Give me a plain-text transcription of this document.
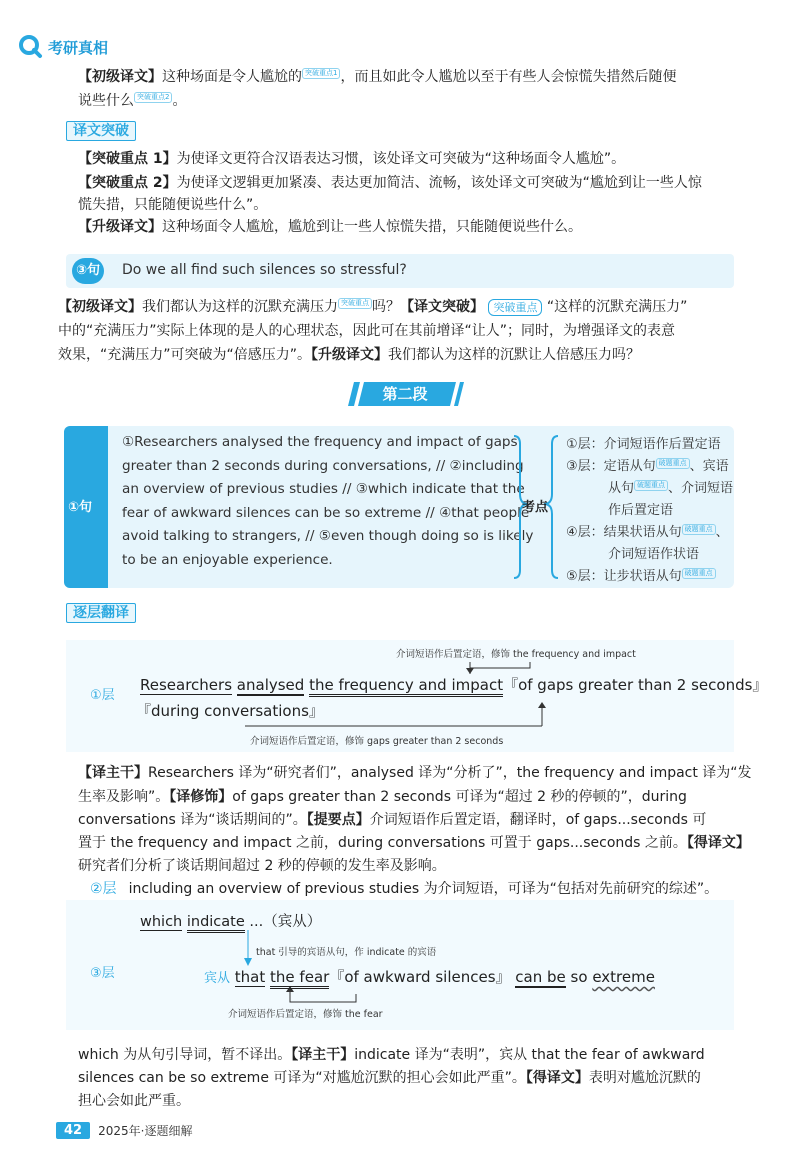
考研真相
【初级译文】这种场面是令人尴尬的 突破重点1 ，而且如此令人尴尬以至于有些人会惊慌失措然后随便
说些什么 突破重点2 。
译文突破
【突破重点 1】为使译文更符合汉语表达习惯，该处译文可突破为“这种场面令人尴尬”。
【突破重点 2】为使译文逻辑更加紧凑、表达更加简洁、流畅，该处译文可突破为“尴尬到让一些人惊
慌失措，只能随便说些什么”。
【升级译文】这种场面令人尴尬，尴尬到让一些人惊慌失措，只能随便说些什么。
③句 Do we all find such silences so stressful?
【初级译文】我们都认为这样的沉默充满压力 突破重点 吗？【译文突破】 突破重点 “这样的沉默充满压力”
中的“充满压力”实际上体现的是人的心理状态，因此可在其前增译“让人”；同时，为增强译文的表意
效果，“充满压力”可突破为“倍感压力”。【升级译文】我们都认为这样的沉默让人倍感压力吗？
第二段
①句
①Researchers analysed the frequency and impact of gaps
greater than 2 seconds during conversations, // ②including
an overview of previous studies // ③which indicate that the
fear of awkward silences can be so extreme // ④that people
avoid talking to strangers, // ⑤even though doing so is likely
to be an enjoyable experience.
考点
①层：介词短语作后置定语
③层：定语从句 破题重点 、宾语
从句 破题重点 、介词短语
作后置定语
④层：结果状语从句 破题重点 、
介词短语作状语
⑤层：让步状语从句 破题重点
逐层翻译
①层
介词短语作后置定语，修饰 the frequency and impact
Researchers analysed the frequency and impact『of gaps greater than 2 seconds』
『during conversations』
介词短语作后置定语，修饰 gaps greater than 2 seconds
【译主干】Researchers 译为“研究者们”，analysed 译为“分析了”，the frequency and impact 译为“发
生率及影响”。【译修饰】of gaps greater than 2 seconds 可译为“超过 2 秒的停顿的”，during
conversations 译为“谈话期间的”。【提要点】介词短语作后置定语，翻译时，of gaps...seconds 可
置于 the frequency and impact 之前，during conversations 可置于 gaps...seconds 之前。【得译文】
研究者们分析了谈话期间超过 2 秒的停顿的发生率及影响。
②层 including an overview of previous studies 为介词短语，可译为“包括对先前研究的综述”。
③层
which indicate ...（宾从）
that 引导的宾语从句，作 indicate 的宾语
宾从 that the fear『of awkward silences』 can be so extreme
介词短语作后置定语，修饰 the fear
which 为从句引导词，暂不译出。【译主干】indicate 译为“表明”，宾从 that the fear of awkward
silences can be so extreme 可译为“对尴尬沉默的担心会如此严重”。【得译文】表明对尴尬沉默的
担心会如此严重。
42	2025年·逐题细解
